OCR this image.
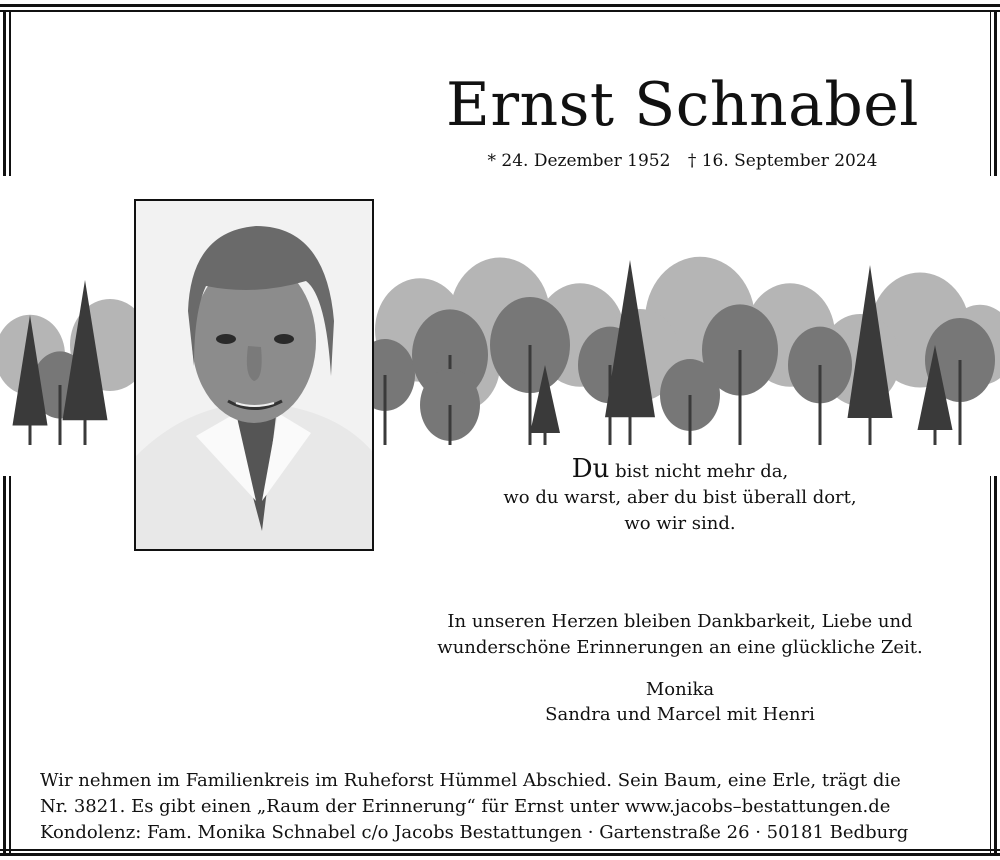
Ernst Schnabel
* 24. Dezember 1952 † 16. September 2024
Du bist nicht mehr da,
wo du warst, aber du bist überall dort,
wo wir sind.
In unseren Herzen bleiben Dankbarkeit, Liebe und
wunderschöne Erinnerungen an eine glückliche Zeit.
Monika
Sandra und Marcel mit Henri
Wir nehmen im Familienkreis im Ruheforst Hümmel Abschied. Sein Baum, eine Erle, trägt die
Nr. 3821. Es gibt einen „Raum der Erinnerung“ für Ernst unter www.jacobs–bestattungen.de
Kondolenz: Fam. Monika Schnabel c/o Jacobs Bestattungen · Gartenstraße 26 · 50181 Bedburg
